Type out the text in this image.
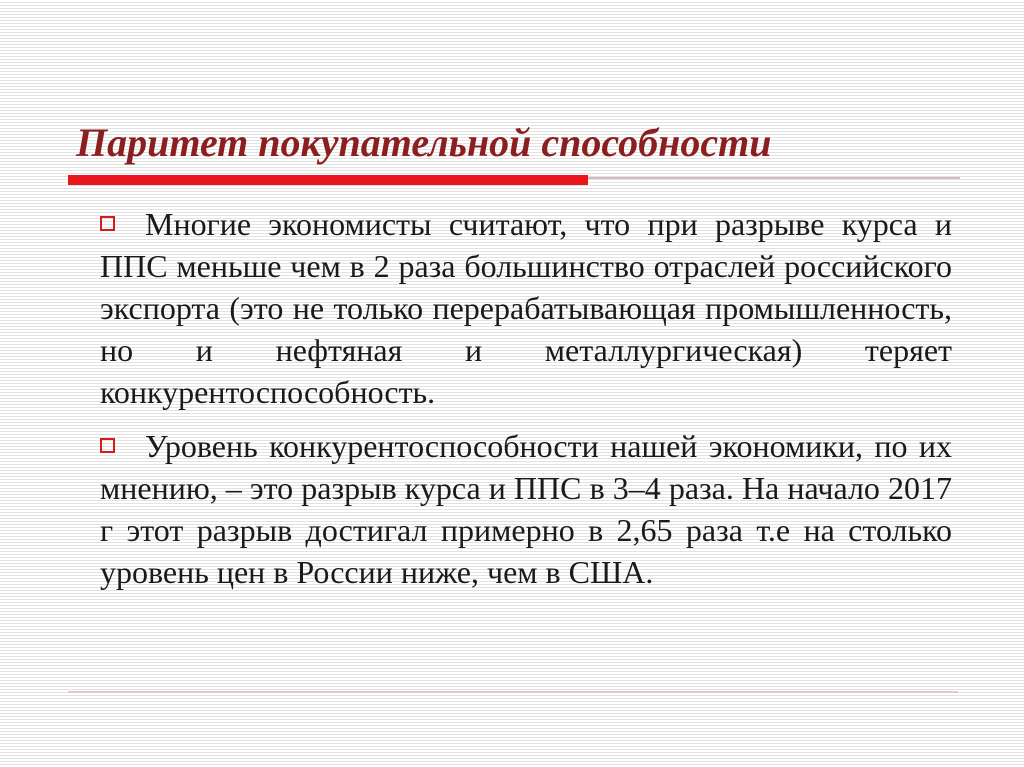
Паритет покупательной способности
Многие экономисты считают, что при разрыве курса и ППС меньше чем в 2 раза большинство отраслей российского экспорта (это не только перерабатывающая промышленность, но и нефтяная и металлургическая) теряет конкурентоспособность.
Уровень конкурентоспособности нашей экономики, по их мнению, – это разрыв курса и ППС в 3–4 раза. На начало 2017 г этот разрыв достигал примерно в 2,65 раза т.е на столько уровень цен в России ниже, чем в США.
